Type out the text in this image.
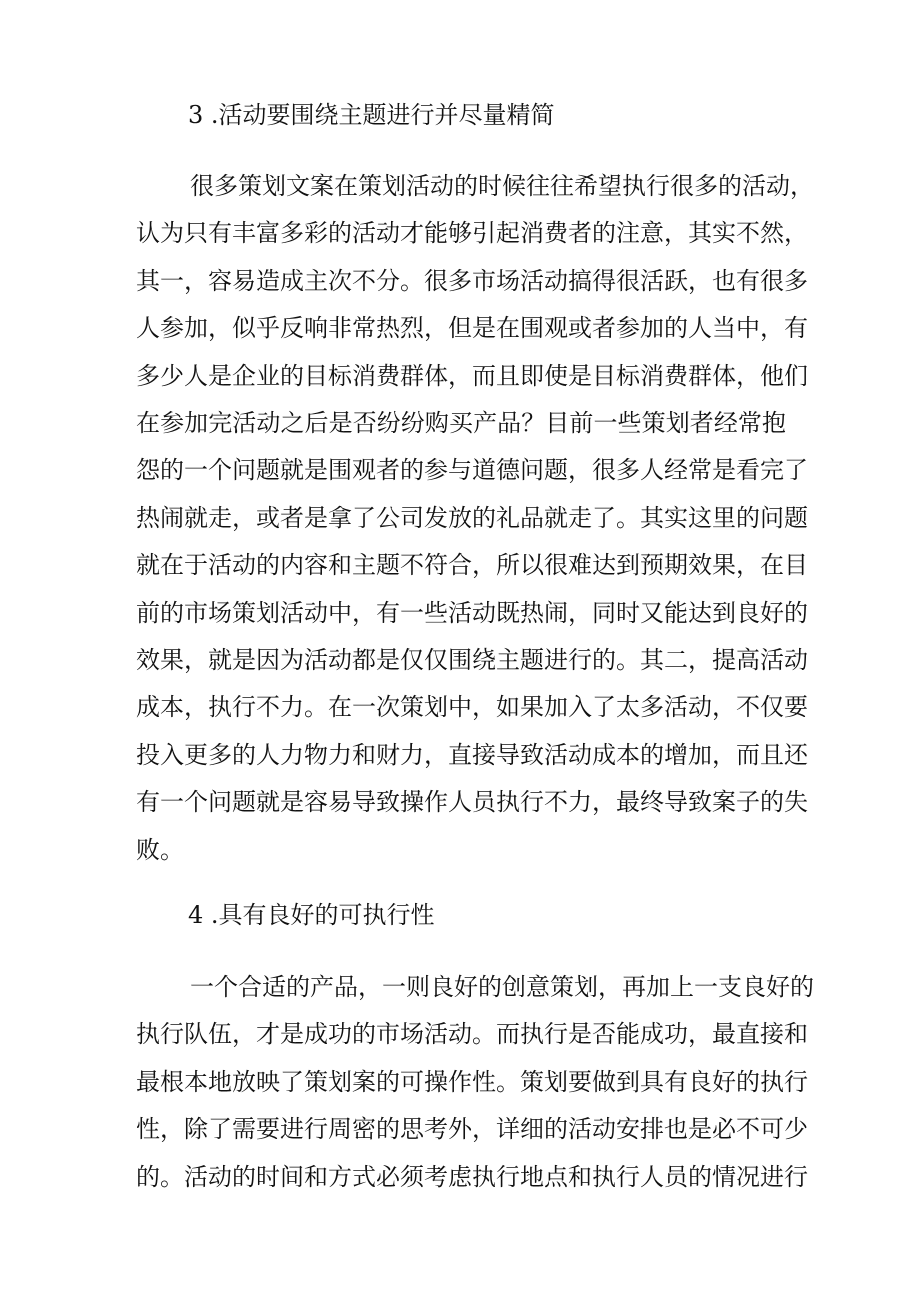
3 .活动要围绕主题进行并尽量精简
很多策划文案在策划活动的时候往往希望执行很多的活动，
认为只有丰富多彩的活动才能够引起消费者的注意，其实不然，
其一，容易造成主次不分。很多市场活动搞得很活跃，也有很多
人参加，似乎反响非常热烈，但是在围观或者参加的人当中，有
多少人是企业的目标消费群体，而且即使是目标消费群体，他们
在参加完活动之后是否纷纷购买产品？目前一些策划者经常抱
怨的一个问题就是围观者的参与道德问题，很多人经常是看完了
热闹就走，或者是拿了公司发放的礼品就走了。其实这里的问题
就在于活动的内容和主题不符合，所以很难达到预期效果，在目
前的市场策划活动中，有一些活动既热闹，同时又能达到良好的
效果，就是因为活动都是仅仅围绕主题进行的。其二，提高活动
成本，执行不力。在一次策划中，如果加入了太多活动，不仅要
投入更多的人力物力和财力，直接导致活动成本的增加，而且还
有一个问题就是容易导致操作人员执行不力，最终导致案子的失
败。
4 .具有良好的可执行性
一个合适的产品，一则良好的创意策划，再加上一支良好的
执行队伍，才是成功的市场活动。而执行是否能成功，最直接和
最根本地放映了策划案的可操作性。策划要做到具有良好的执行
性，除了需要进行周密的思考外，详细的活动安排也是必不可少
的。活动的时间和方式必须考虑执行地点和执行人员的情况进行
